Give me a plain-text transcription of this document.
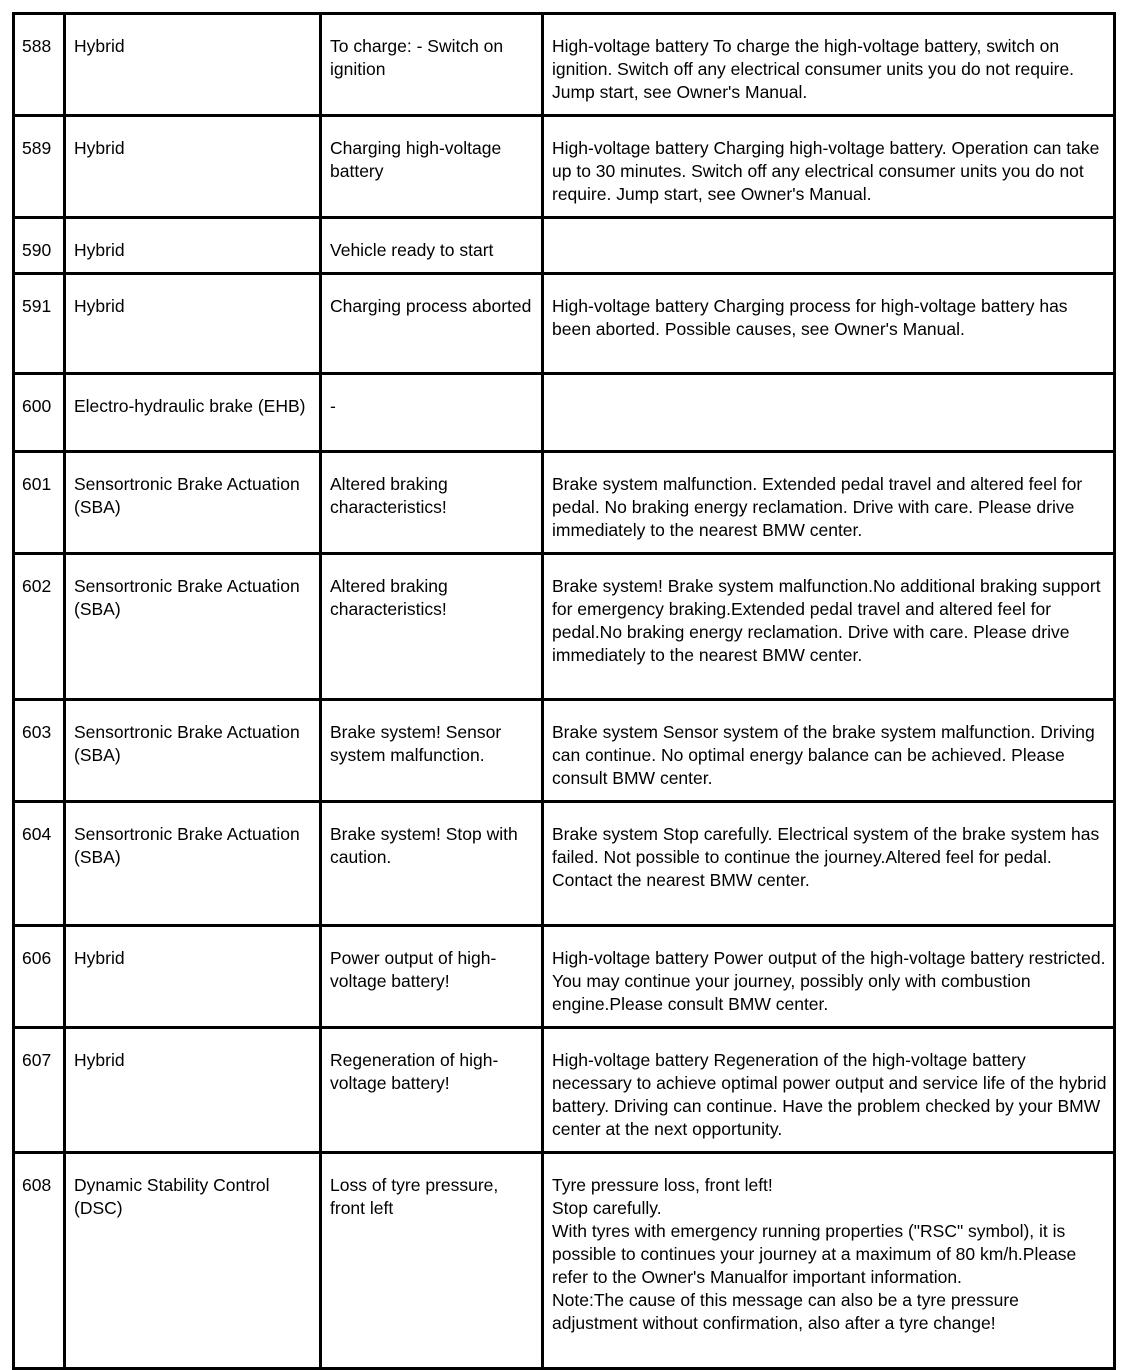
588	Hybrid	To charge: - Switch on ignition	High-voltage battery To charge the high-voltage battery, switch on ignition. Switch off any electrical consumer units you do not require. Jump start, see Owner's Manual.

589	Hybrid	Charging high-voltage battery	High-voltage battery Charging high-voltage battery. Operation can take up to 30 minutes. Switch off any electrical consumer units you do not require. Jump start, see Owner's Manual.

590	Hybrid	Vehicle ready to start	

591	Hybrid	Charging process aborted	High-voltage battery Charging process for high-voltage battery has been aborted. Possible causes, see Owner's Manual.

600	Electro-hydraulic brake (EHB)	-	

601	Sensortronic Brake Actuation (SBA)	Altered braking characteristics!	Brake system malfunction. Extended pedal travel and altered feel for pedal. No braking energy reclamation. Drive with care. Please drive immediately to the nearest BMW center.

602	Sensortronic Brake Actuation (SBA)	Altered braking characteristics!	Brake system! Brake system malfunction.No additional braking support for emergency braking.Extended pedal travel and altered feel for pedal.No braking energy reclamation. Drive with care. Please drive immediately to the nearest BMW center.

603	Sensortronic Brake Actuation (SBA)	Brake system! Sensor system malfunction.	Brake system Sensor system of the brake system malfunction. Driving can continue. No optimal energy balance can be achieved. Please consult BMW center.

604	Sensortronic Brake Actuation (SBA)	Brake system! Stop with caution.	Brake system Stop carefully. Electrical system of the brake system has failed. Not possible to continue the journey.Altered feel for pedal. Contact the nearest BMW center.

606	Hybrid	Power output of high-voltage battery!	High-voltage battery Power output of the high-voltage battery restricted. You may continue your journey, possibly only with combustion engine.Please consult BMW center.

607	Hybrid	Regeneration of high-voltage battery!	High-voltage battery Regeneration of the high-voltage battery necessary to achieve optimal power output and service life of the hybrid battery. Driving can continue. Have the problem checked by your BMW center at the next opportunity.

608	Dynamic Stability Control (DSC)	Loss of tyre pressure, front left	Tyre pressure loss, front left!
Stop carefully.
With tyres with emergency running properties ("RSC" symbol), it is possible to continues your journey at a maximum of 80 km/h.Please refer to the Owner's Manualfor important information.
Note:The cause of this message can also be a tyre pressure adjustment without confirmation, also after a tyre change!
